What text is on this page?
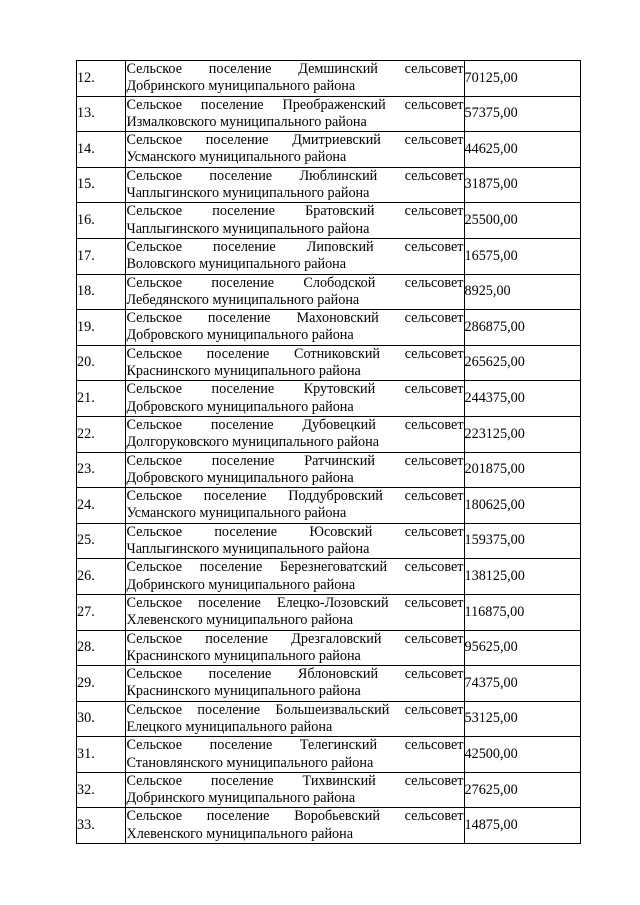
12.	Сельское поселение Демшинский сельсовет
Добринского муниципального района	70125,00
13.	Сельское поселение Преображенский сельсовет
Измалковского муниципального района	57375,00
14.	Сельское поселение Дмитриевский сельсовет
Усманского муниципального района	44625,00
15.	Сельское поселение Люблинский сельсовет
Чаплыгинского муниципального района	31875,00
16.	Сельское поселение Братовский сельсовет
Чаплыгинского муниципального района	25500,00
17.	Сельское поселение Липовский сельсовет
Воловского муниципального района	16575,00
18.	Сельское поселение Слободской сельсовет
Лебедянского муниципального района	8925,00
19.	Сельское поселение Махоновский сельсовет
Добровского муниципального района	286875,00
20.	Сельское поселение Сотниковский сельсовет
Краснинского муниципального района	265625,00
21.	Сельское поселение Крутовский сельсовет
Добровского муниципального района	244375,00
22.	Сельское поселение Дубовецкий сельсовет
Долгоруковского муниципального района	223125,00
23.	Сельское поселение Ратчинский сельсовет
Добровского муниципального района	201875,00
24.	Сельское поселение Поддубровский сельсовет
Усманского муниципального района	180625,00
25.	Сельское поселение Юсовский сельсовет
Чаплыгинского муниципального района	159375,00
26.	Сельское поселение Березнеговатский сельсовет
Добринского муниципального района	138125,00
27.	Сельское поселение Елецко-Лозовский сельсовет
Хлевенского муниципального района	116875,00
28.	Сельское поселение Дрезгаловский сельсовет
Краснинского муниципального района	95625,00
29.	Сельское поселение Яблоновский сельсовет
Краснинского муниципального района	74375,00
30.	Сельское поселение Большеизвальский сельсовет
Елецкого муниципального района	53125,00
31.	Сельское поселение Телегинский сельсовет
Становлянского муниципального района	42500,00
32.	Сельское поселение Тихвинский сельсовет
Добринского муниципального района	27625,00
33.	Сельское поселение Воробьевский сельсовет
Хлевенского муниципального района	14875,00
